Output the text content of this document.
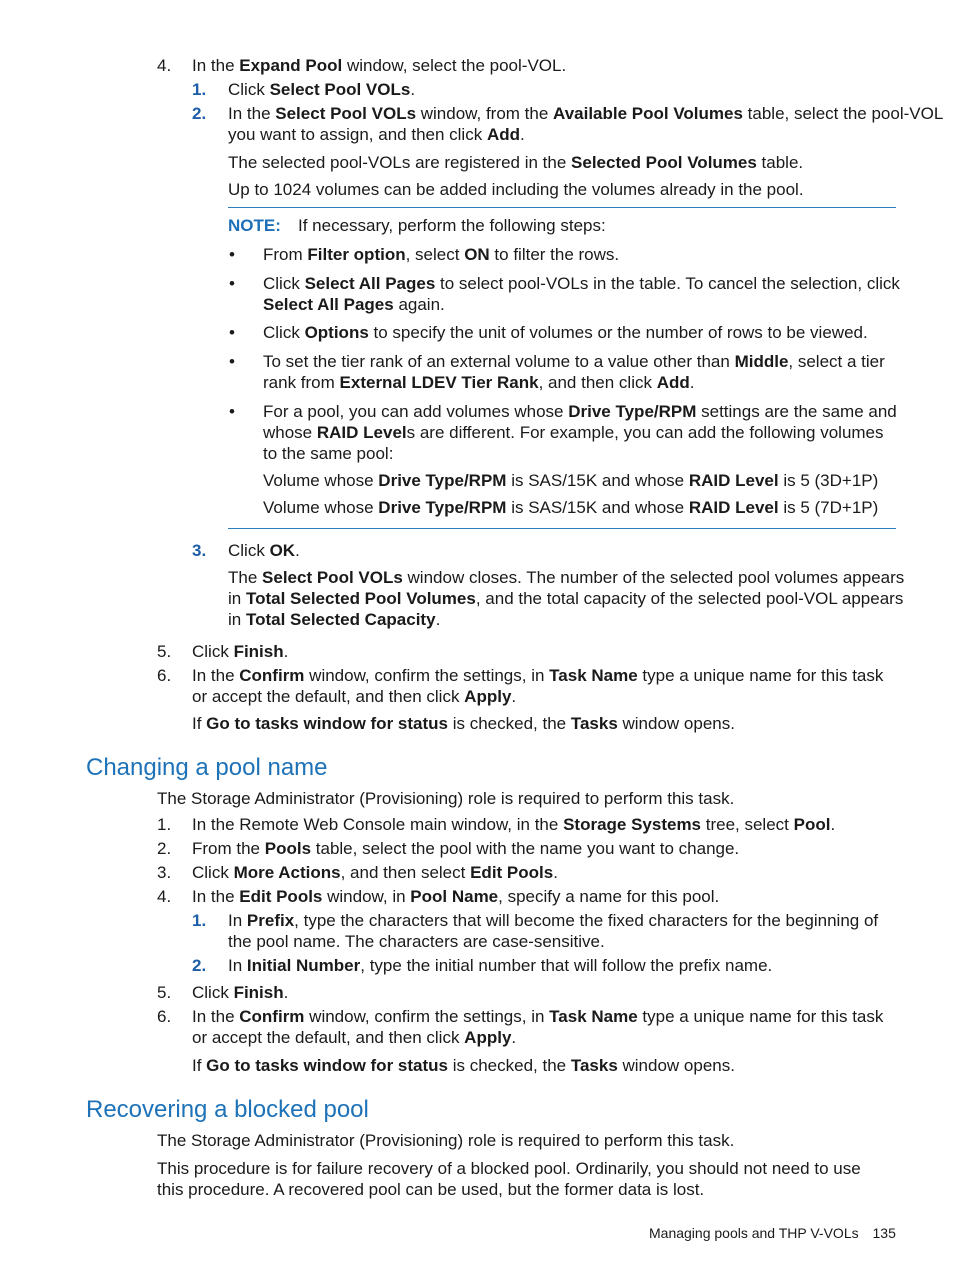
4.	In the Expand Pool window, select the pool-VOL.
1.	Click Select Pool VOLs.
2.	In the Select Pool VOLs window, from the Available Pool Volumes table, select the pool-VOL
you want to assign, and then click Add.
The selected pool-VOLs are registered in the Selected Pool Volumes table.
Up to 1024 volumes can be added including the volumes already in the pool.
NOTE: If necessary, perform the following steps:
• From Filter option, select ON to filter the rows.
• Click Select All Pages to select pool-VOLs in the table. To cancel the selection, click
Select All Pages again.
• Click Options to specify the unit of volumes or the number of rows to be viewed.
• To set the tier rank of an external volume to a value other than Middle, select a tier
rank from External LDEV Tier Rank, and then click Add.
• For a pool, you can add volumes whose Drive Type/RPM settings are the same and
whose RAID Levels are different. For example, you can add the following volumes
to the same pool:
Volume whose Drive Type/RPM is SAS/15K and whose RAID Level is 5 (3D+1P)
Volume whose Drive Type/RPM is SAS/15K and whose RAID Level is 5 (7D+1P)
3.	Click OK.
The Select Pool VOLs window closes. The number of the selected pool volumes appears
in Total Selected Pool Volumes, and the total capacity of the selected pool-VOL appears
in Total Selected Capacity.
5.	Click Finish.
6.	In the Confirm window, confirm the settings, in Task Name type a unique name for this task
or accept the default, and then click Apply.
If Go to tasks window for status is checked, the Tasks window opens.
Changing a pool name
The Storage Administrator (Provisioning) role is required to perform this task.
1.	In the Remote Web Console main window, in the Storage Systems tree, select Pool.
2.	From the Pools table, select the pool with the name you want to change.
3.	Click More Actions, and then select Edit Pools.
4.	In the Edit Pools window, in Pool Name, specify a name for this pool.
1.	In Prefix, type the characters that will become the fixed characters for the beginning of
the pool name. The characters are case-sensitive.
2.	In Initial Number, type the initial number that will follow the prefix name.
5.	Click Finish.
6.	In the Confirm window, confirm the settings, in Task Name type a unique name for this task
or accept the default, and then click Apply.
If Go to tasks window for status is checked, the Tasks window opens.
Recovering a blocked pool
The Storage Administrator (Provisioning) role is required to perform this task.
This procedure is for failure recovery of a blocked pool. Ordinarily, you should not need to use
this procedure. A recovered pool can be used, but the former data is lost.
Managing pools and THP V-VOLs 135
